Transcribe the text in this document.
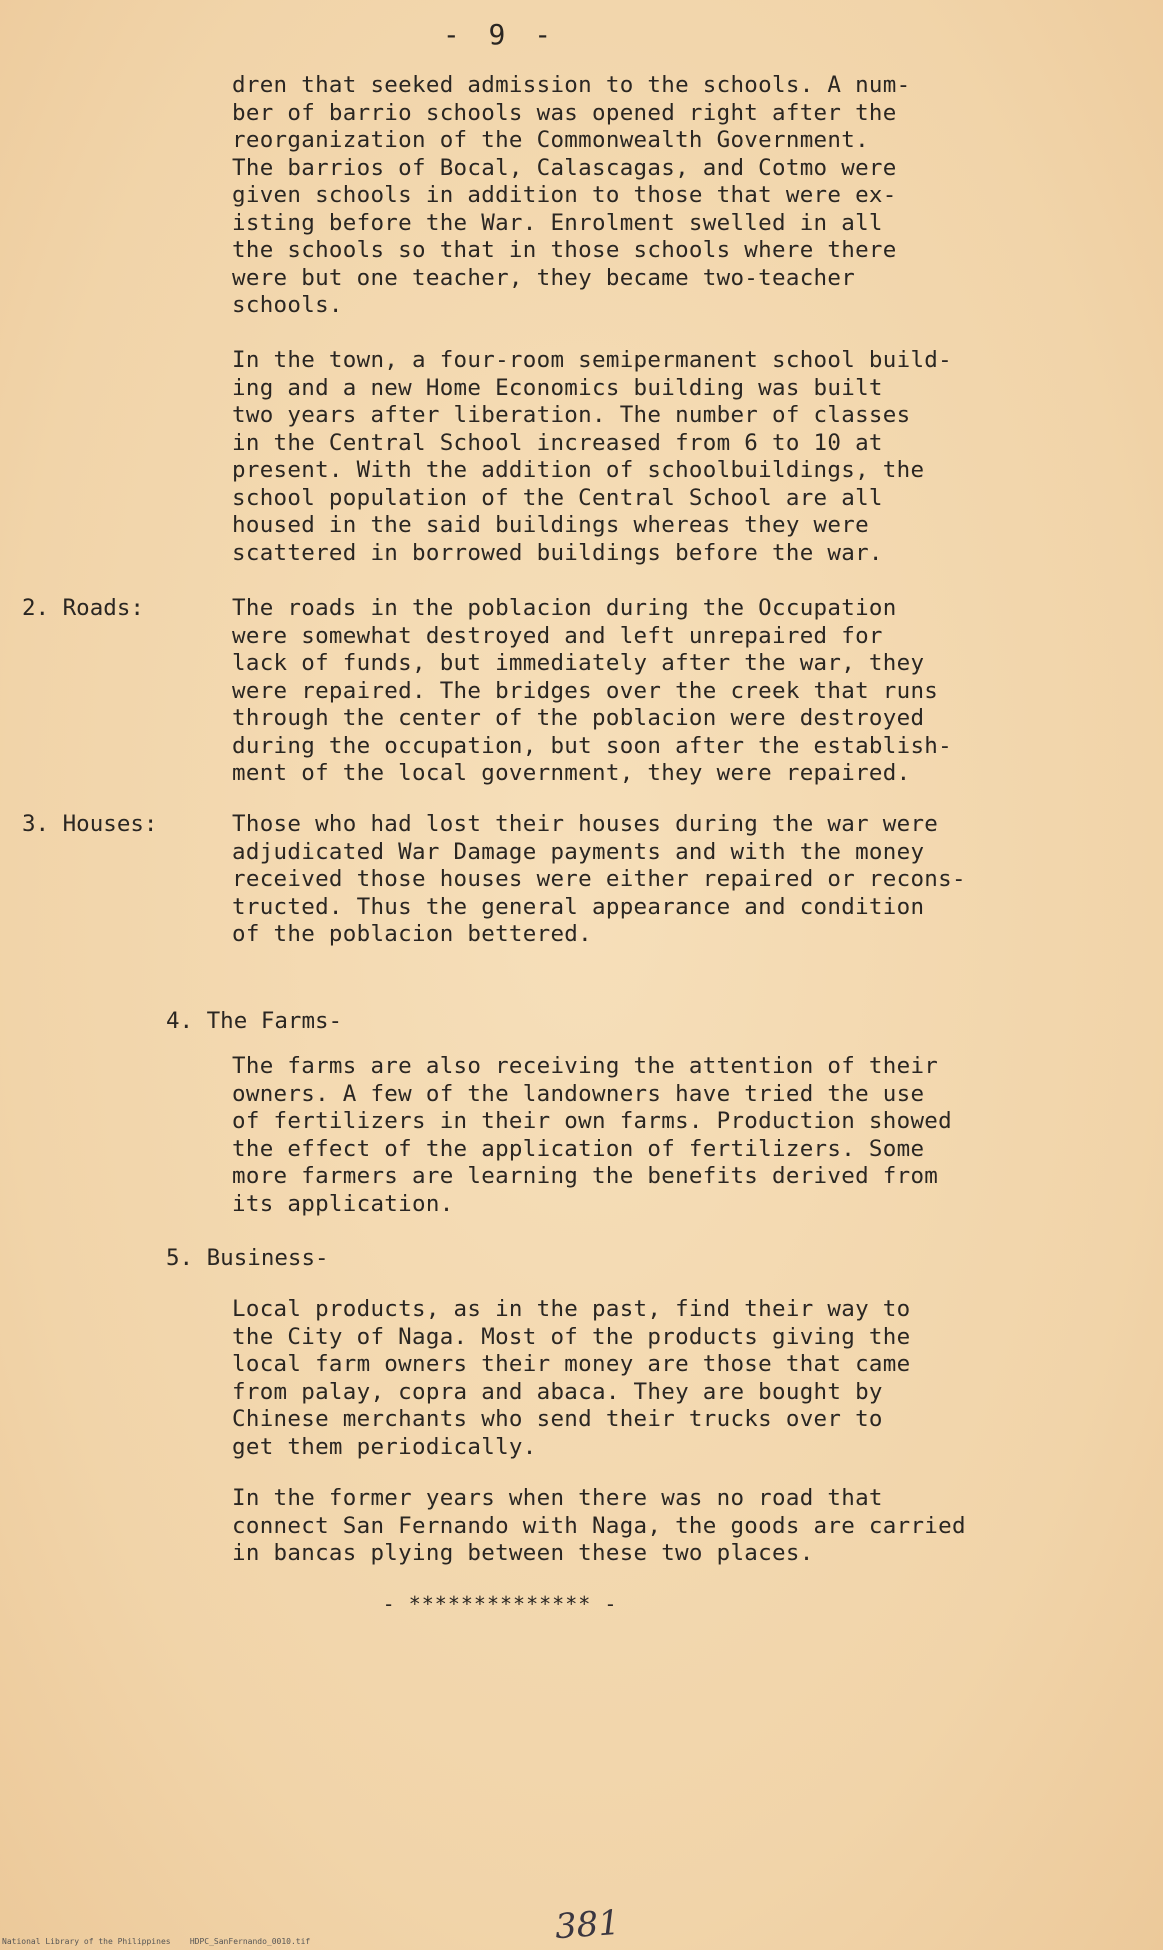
- 9 -
dren that seeked admission to the schools. A num-
ber of barrio schools was opened right after the
reorganization of the Commonwealth Government.
The barrios of Bocal, Calascagas, and Cotmo were
given schools in addition to those that were ex-
isting before the War. Enrolment swelled in all
the schools so that in those schools where there
were but one teacher, they became two-teacher
schools.
In the town, a four-room semipermanent school build-
ing and a new Home Economics building was built
two years after liberation. The number of classes
in the Central School increased from 6 to 10 at
present. With the addition of schoolbuildings, the
school population of the Central School are all
housed in the said buildings whereas they were
scattered in borrowed buildings before the war.
2. Roads:	The roads in the poblacion during the Occupation
were somewhat destroyed and left unrepaired for
lack of funds, but immediately after the war, they
were repaired. The bridges over the creek that runs
through the center of the poblacion were destroyed
during the occupation, but soon after the establish-
ment of the local government, they were repaired.
3. Houses:	Those who had lost their houses during the war were
adjudicated War Damage payments and with the money
received those houses were either repaired or recons-
tructed. Thus the general appearance and condition
of the poblacion bettered.
4. The Farms-
The farms are also receiving the attention of their
owners. A few of the landowners have tried the use
of fertilizers in their own farms. Production showed
the effect of the application of fertilizers. Some
more farmers are learning the benefits derived from
its application.
5. Business-
Local products, as in the past, find their way to
the City of Naga. Most of the products giving the
local farm owners their money are those that came
from palay, copra and abaca. They are bought by
Chinese merchants who send their trucks over to
get them periodically.
In the former years when there was no road that
connect San Fernando with Naga, the goods are carried
in bancas plying between these two places.
- ************** -
381
National Library of the Philippines    HDPC_SanFernando_0010.tif
